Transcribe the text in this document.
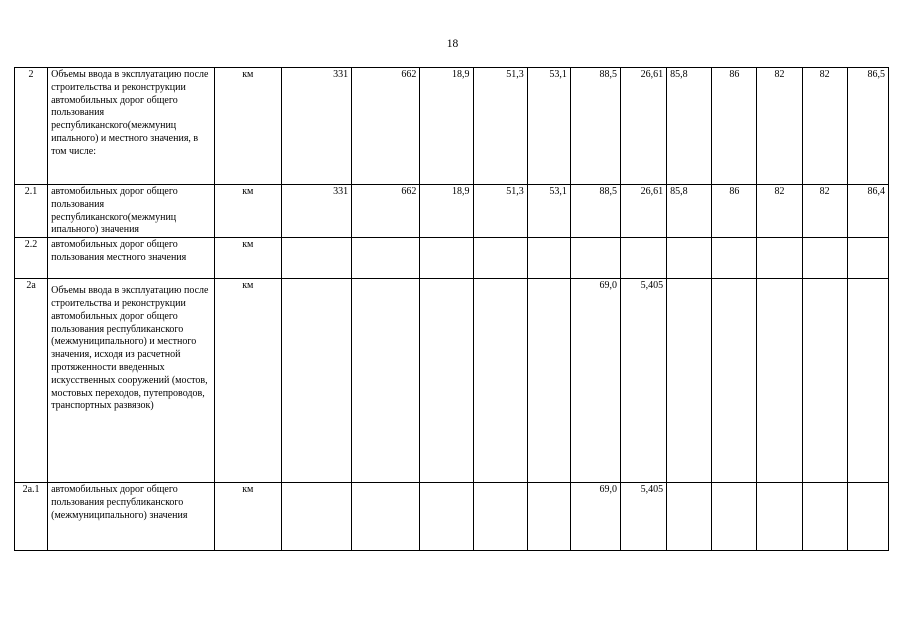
18
2	Объемы ввода в эксплуатацию после строительства и реконструкции автомобильных дорог общего пользования республиканского(межмуниц ипального) и местного значения, в том числе:	км	331	662	18,9	51,3	53,1	88,5	26,61	85,8	86	82	82	86,5
2.1	автомобильных дорог общего пользования республиканского(межмуниц ипального) значения	км	331	662	18,9	51,3	53,1	88,5	26,61	85,8	86	82	82	86,4
2.2	автомобильных дорог общего пользования местного значения	км												
2а	Объемы ввода в эксплуатацию после строительства и реконструкции автомобильных дорог общего пользования республиканского (межмуниципального) и местного значения, исходя из расчетной протяженности введенных искусственных сооружений (мостов, мостовых переходов, путепроводов, транспортных развязок)	км						69,0	5,405					
2а.1	автомобильных дорог общего пользования республиканского (межмуниципального) значения	км						69,0	5,405					
